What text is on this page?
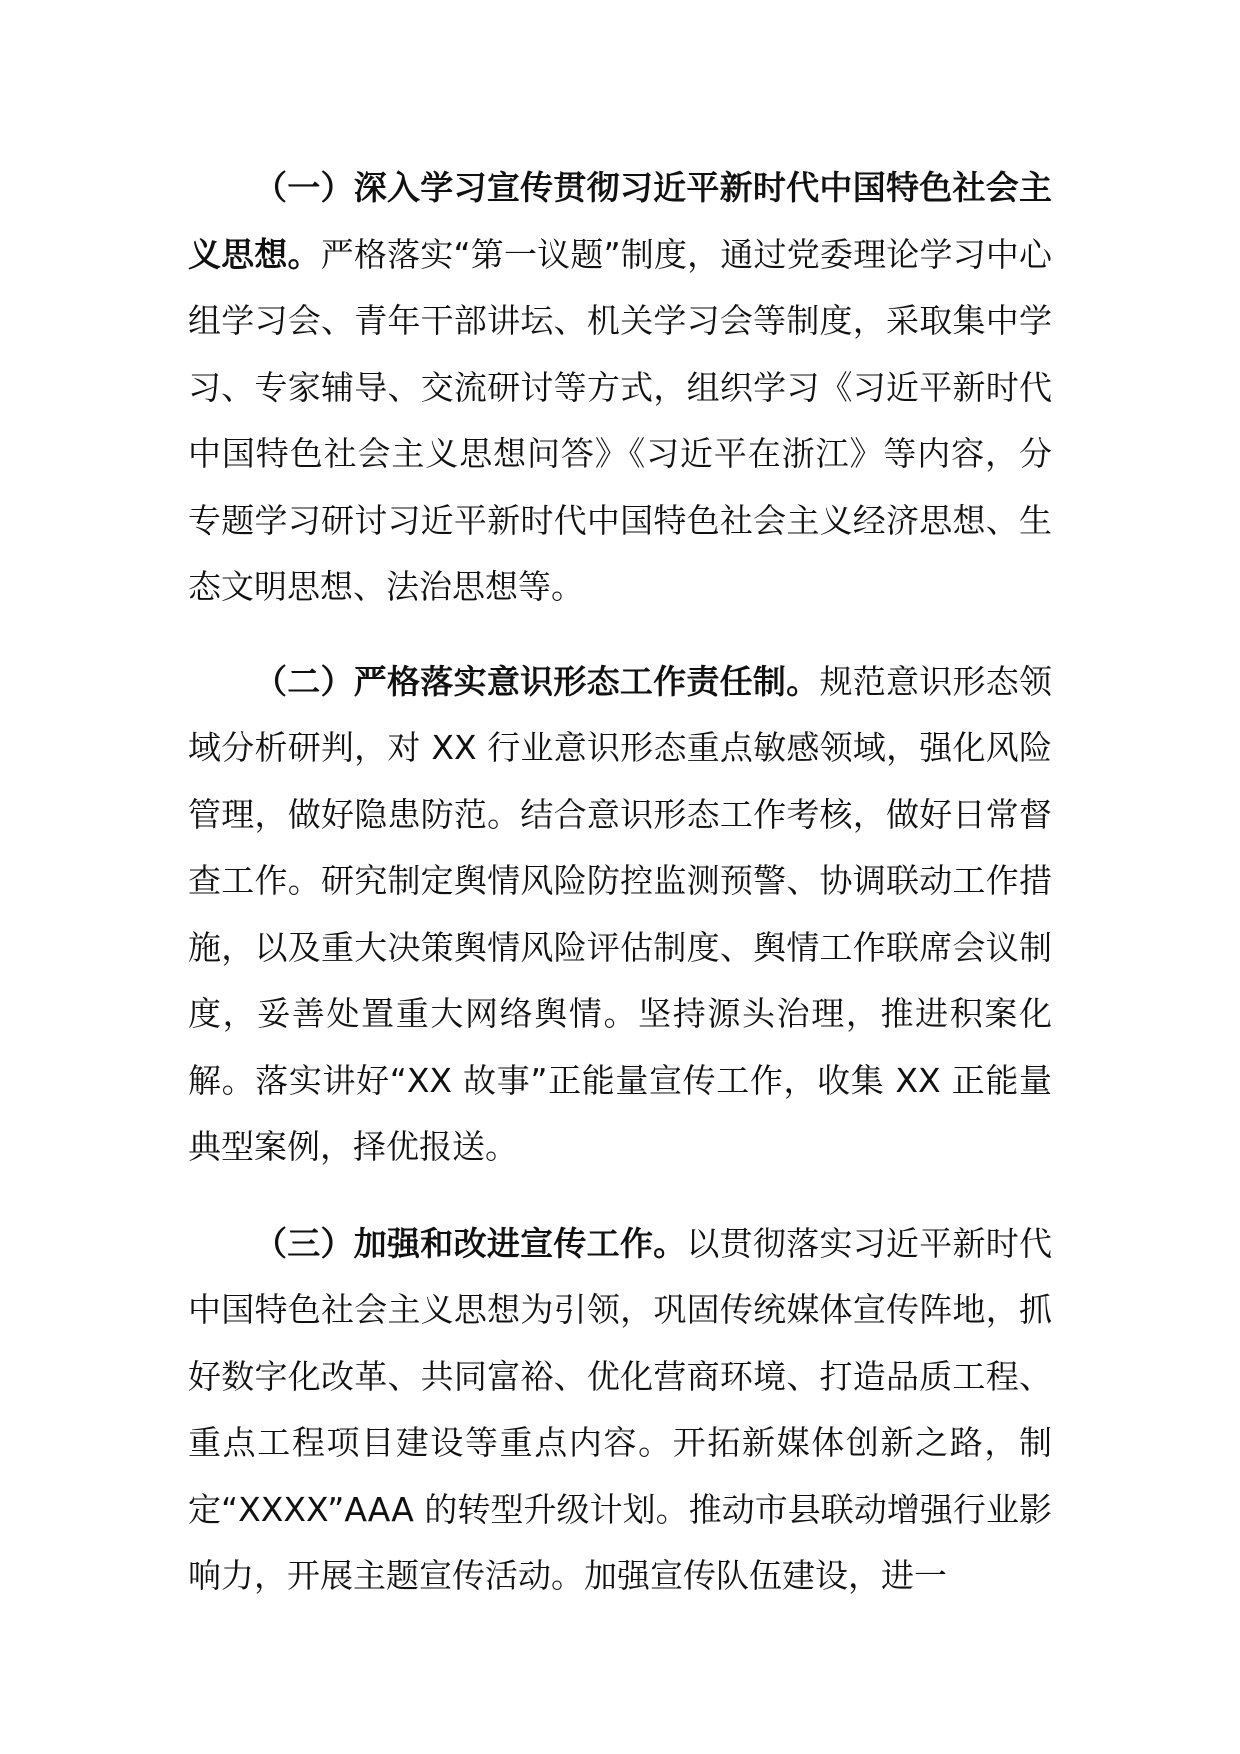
（一）深入学习宣传贯彻习近平新时代中国特色社会主义思想。严格落实“第一议题”制度，通过党委理论学习中心组学习会、青年干部讲坛、机关学习会等制度，采取集中学习、专家辅导、交流研讨等方式，组织学习《习近平新时代中国特色社会主义思想问答》《习近平在浙江》等内容，分专题学习研讨习近平新时代中国特色社会主义经济思想、生态文明思想、法治思想等。

（二）严格落实意识形态工作责任制。规范意识形态领域分析研判，对 XX 行业意识形态重点敏感领域，强化风险管理，做好隐患防范。结合意识形态工作考核，做好日常督查工作。研究制定舆情风险防控监测预警、协调联动工作措施，以及重大决策舆情风险评估制度、舆情工作联席会议制度，妥善处置重大网络舆情。坚持源头治理，推进积案化解。落实讲好“XX 故事”正能量宣传工作，收集 XX 正能量典型案例，择优报送。

（三）加强和改进宣传工作。以贯彻落实习近平新时代中国特色社会主义思想为引领，巩固传统媒体宣传阵地，抓好数字化改革、共同富裕、优化营商环境、打造品质工程、重点工程项目建设等重点内容。开拓新媒体创新之路，制定“XXXX”AAA 的转型升级计划。推动市县联动增强行业影响力，开展主题宣传活动。加强宣传队伍建设，进一
